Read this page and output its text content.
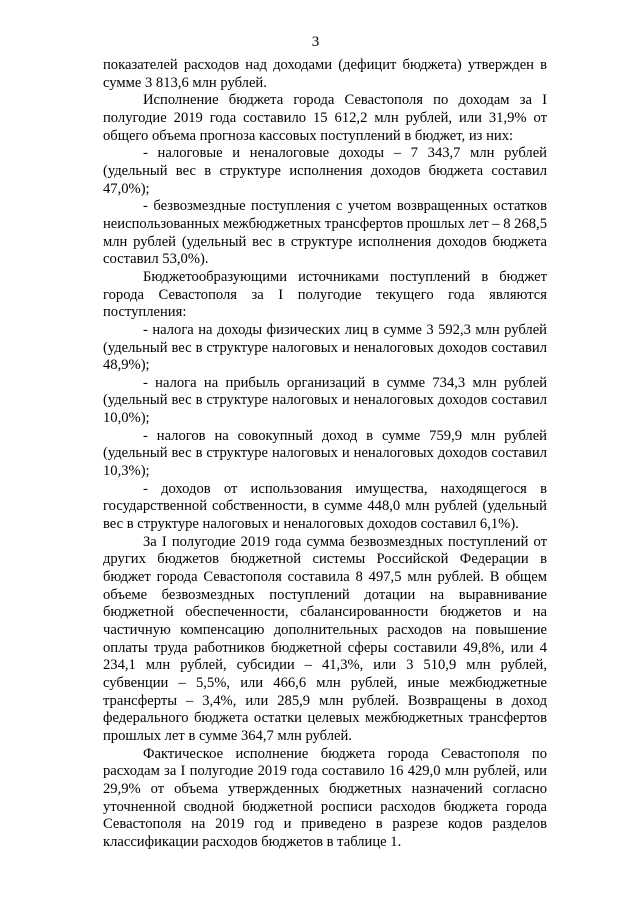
3

показателей расходов над доходами (дефицит бюджета) утвержден в сумме 3 813,6 млн рублей.

Исполнение бюджета города Севастополя по доходам за I полугодие 2019 года составило 15 612,2 млн рублей, или 31,9% от общего объема прогноза кассовых поступлений в бюджет, из них:

- налоговые и неналоговые доходы – 7 343,7 млн рублей (удельный вес в структуре исполнения доходов бюджета составил 47,0%);

- безвозмездные поступления с учетом возвращенных остатков неиспользованных межбюджетных трансфертов прошлых лет – 8 268,5 млн рублей (удельный вес в структуре исполнения доходов бюджета составил 53,0%).

Бюджетообразующими источниками поступлений в бюджет города Севастополя за I полугодие текущего года являются поступления:

- налога на доходы физических лиц в сумме 3 592,3 млн рублей (удельный вес в структуре налоговых и неналоговых доходов составил 48,9%);

- налога на прибыль организаций в сумме 734,3 млн рублей (удельный вес в структуре налоговых и неналоговых доходов составил 10,0%);

- налогов на совокупный доход в сумме 759,9 млн рублей (удельный вес в структуре налоговых и неналоговых доходов составил 10,3%);

- доходов от использования имущества, находящегося в государственной собственности, в сумме 448,0 млн рублей (удельный вес в структуре налоговых и неналоговых доходов составил 6,1%).

За I полугодие 2019 года сумма безвозмездных поступлений от других бюджетов бюджетной системы Российской Федерации в бюджет города Севастополя составила 8 497,5 млн рублей. В общем объеме безвозмездных поступлений дотации на выравнивание бюджетной обеспеченности, сбалансированности бюджетов и на частичную компенсацию дополнительных расходов на повышение оплаты труда работников бюджетной сферы составили 49,8%, или 4 234,1 млн рублей, субсидии – 41,3%, или 3 510,9 млн рублей, субвенции – 5,5%, или 466,6 млн рублей, иные межбюджетные трансферты – 3,4%, или 285,9 млн рублей. Возвращены в доход федерального бюджета остатки целевых межбюджетных трансфертов прошлых лет в сумме 364,7 млн рублей.

Фактическое исполнение бюджета города Севастополя по расходам за I полугодие 2019 года составило 16 429,0 млн рублей, или 29,9% от объема утвержденных бюджетных назначений согласно уточненной сводной бюджетной росписи расходов бюджета города Севастополя на 2019 год и приведено в разрезе кодов разделов классификации расходов бюджетов в таблице 1.
